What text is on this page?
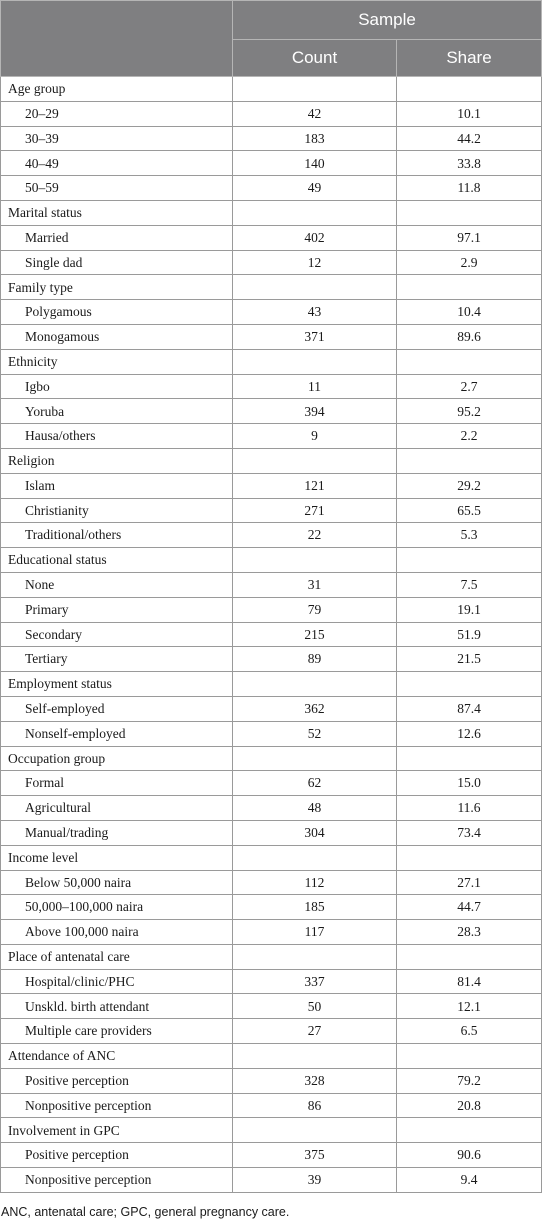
	Sample	
	Count	Share
Age group		
20–29	42	10.1
30–39	183	44.2
40–49	140	33.8
50–59	49	11.8
Marital status		
Married	402	97.1
Single dad	12	2.9
Family type		
Polygamous	43	10.4
Monogamous	371	89.6
Ethnicity		
Igbo	11	2.7
Yoruba	394	95.2
Hausa/others	9	2.2
Religion		
Islam	121	29.2
Christianity	271	65.5
Traditional/others	22	5.3
Educational status		
None	31	7.5
Primary	79	19.1
Secondary	215	51.9
Tertiary	89	21.5
Employment status		
Self-employed	362	87.4
Nonself-employed	52	12.6
Occupation group		
Formal	62	15.0
Agricultural	48	11.6
Manual/trading	304	73.4
Income level		
Below 50,000 naira	112	27.1
50,000–100,000 naira	185	44.7
Above 100,000 naira	117	28.3
Place of antenatal care		
Hospital/clinic/PHC	337	81.4
Unskld. birth attendant	50	12.1
Multiple care providers	27	6.5
Attendance of ANC		
Positive perception	328	79.2
Nonpositive perception	86	20.8
Involvement in GPC		
Positive perception	375	90.6
Nonpositive perception	39	9.4

ANC, antenatal care; GPC, general pregnancy care.
